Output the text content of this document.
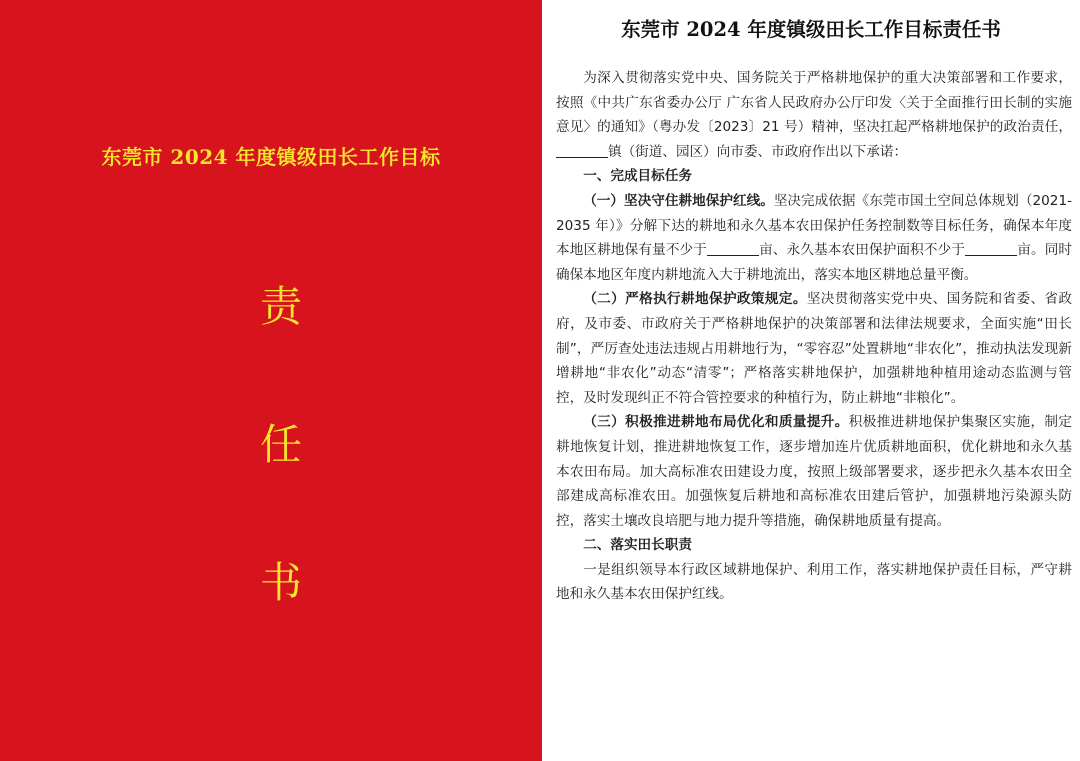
东莞市 2024 年度镇级田长工作目标
责
任
书
东莞市 2024 年度镇级田长工作目标责任书

为深入贯彻落实党中央、国务院关于严格耕地保护的重大决策部署和工作要求，按照《中共广东省委办公厅 广东省人民政府办公厅印发〈关于全面推行田长制的实施意见〉的通知》（粤办发〔2023〕21 号）精神，坚决扛起严格耕地保护的政治责任，镇（街道、园区）向市委、市政府作出以下承诺：

一、完成目标任务

（一）坚决守住耕地保护红线。坚决完成依据《东莞市国土空间总体规划（2021-2035 年）》分解下达的耕地和永久基本农田保护任务控制数等目标任务，确保本年度本地区耕地保有量不少于	亩、永久基本农田保护面积不少于	亩。同时确保本地区年度内耕地流入大于耕地流出，落实本地区耕地总量平衡。

（二）严格执行耕地保护政策规定。坚决贯彻落实党中央、国务院和省委、省政府，及市委、市政府关于严格耕地保护的决策部署和法律法规要求，全面实施“田长制”，严厉查处违法违规占用耕地行为，“零容忍”处置耕地“非农化”，推动执法发现新增耕地“非农化”动态“清零”；严格落实耕地保护，加强耕地种植用途动态监测与管控，及时发现纠正不符合管控要求的种植行为，防止耕地“非粮化”。

（三）积极推进耕地布局优化和质量提升。积极推进耕地保护集聚区实施，制定耕地恢复计划，推进耕地恢复工作，逐步增加连片优质耕地面积，优化耕地和永久基本农田布局。加大高标准农田建设力度，按照上级部署要求，逐步把永久基本农田全部建成高标准农田。加强恢复后耕地和高标准农田建后管护，加强耕地污染源头防控，落实土壤改良培肥与地力提升等措施，确保耕地质量有提高。

二、落实田长职责

一是组织领导本行政区域耕地保护、利用工作，落实耕地保护责任目标，严守耕地和永久基本农田保护红线。
